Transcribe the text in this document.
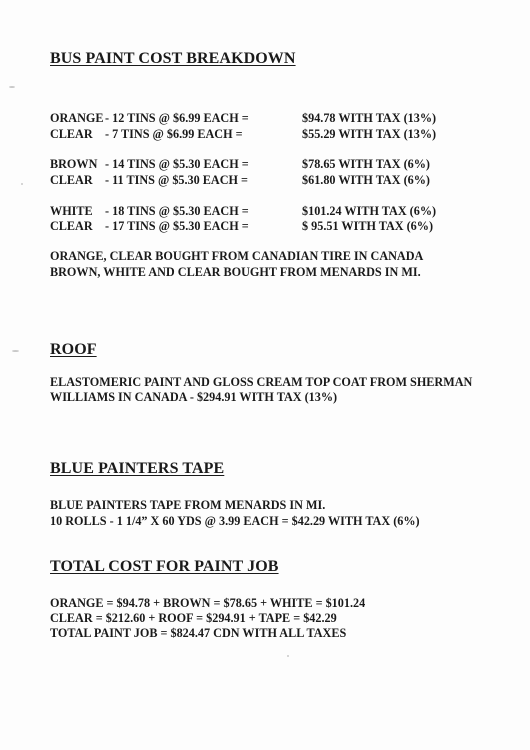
BUS PAINT COST BREAKDOWN
ORANGE - 12 TINS @ $6.99 EACH =	$94.78 WITH TAX (13%)
CLEAR - 7 TINS @ $6.99 EACH =	$55.29 WITH TAX (13%)
BROWN - 14 TINS @ $5.30 EACH =	$78.65 WITH TAX (6%)
CLEAR - 11 TINS @ $5.30 EACH =	$61.80 WITH TAX (6%)
WHITE - 18 TINS @ $5.30 EACH =	$101.24 WITH TAX (6%)
CLEAR - 17 TINS @ $5.30 EACH =	$ 95.51 WITH TAX (6%)
ORANGE, CLEAR BOUGHT FROM CANADIAN TIRE IN CANADA
BROWN, WHITE AND CLEAR BOUGHT FROM MENARDS IN MI.
ROOF
ELASTOMERIC PAINT AND GLOSS CREAM TOP COAT FROM SHERMAN
WILLIAMS IN CANADA - $294.91 WITH TAX (13%)
BLUE PAINTERS TAPE
BLUE PAINTERS TAPE FROM MENARDS IN MI.
10 ROLLS - 1 1/4” X 60 YDS @ 3.99 EACH = $42.29 WITH TAX (6%)
TOTAL COST FOR PAINT JOB
ORANGE = $94.78 + BROWN = $78.65 + WHITE = $101.24
CLEAR = $212.60 + ROOF = $294.91 + TAPE = $42.29
TOTAL PAINT JOB = $824.47 CDN WITH ALL TAXES
